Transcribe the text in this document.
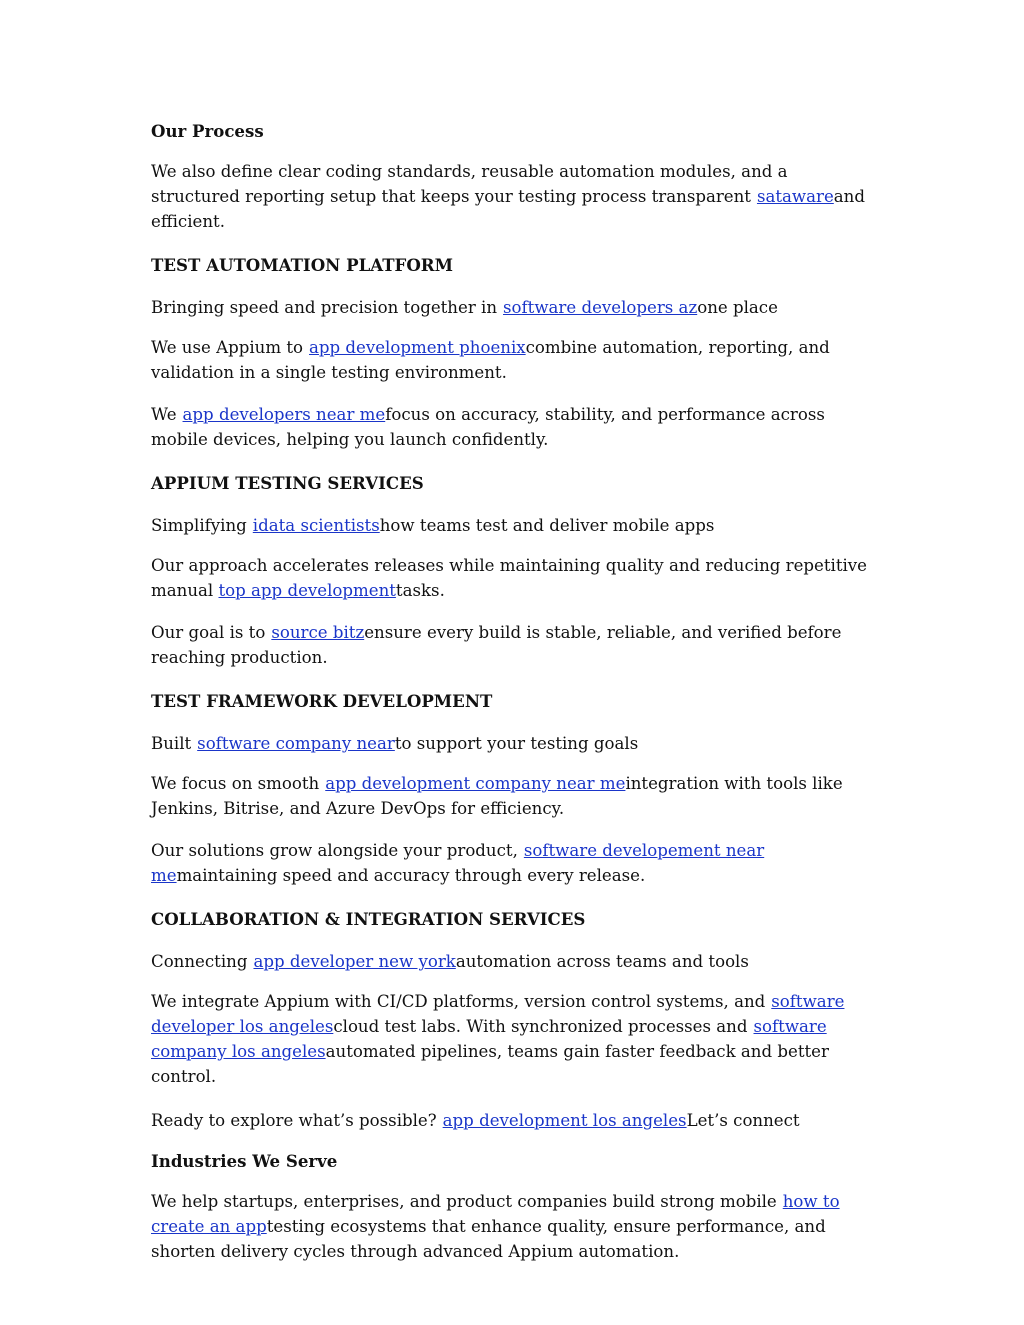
Our Process

We also define clear coding standards, reusable automation modules, and a structured reporting setup that keeps your testing process transparent satawareand efficient.

TEST AUTOMATION PLATFORM

Bringing speed and precision together in software developers azone place

We use Appium to app development phoenixcombine automation, reporting, and validation in a single testing environment.

We app developers near mefocus on accuracy, stability, and performance across mobile devices, helping you launch confidently.

APPIUM TESTING SERVICES

Simplifying idata scientistshow teams test and deliver mobile apps

Our approach accelerates releases while maintaining quality and reducing repetitive manual top app developmenttasks.

Our goal is to source bitzensure every build is stable, reliable, and verified before reaching production.

TEST FRAMEWORK DEVELOPMENT

Built software company nearto support your testing goals

We focus on smooth app development company near meintegration with tools like Jenkins, Bitrise, and Azure DevOps for efficiency.

Our solutions grow alongside your product, software developement near memaintaining speed and accuracy through every release.

COLLABORATION & INTEGRATION SERVICES

Connecting app developer new yorkautomation across teams and tools

We integrate Appium with CI/CD platforms, version control systems, and software developer los angelescloud test labs. With synchronized processes and software company los angelesautomated pipelines, teams gain faster feedback and better control.

Ready to explore what’s possible? app development los angelesLet’s connect

Industries We Serve

We help startups, enterprises, and product companies build strong mobile how to create an apptesting ecosystems that enhance quality, ensure performance, and shorten delivery cycles through advanced Appium automation.
